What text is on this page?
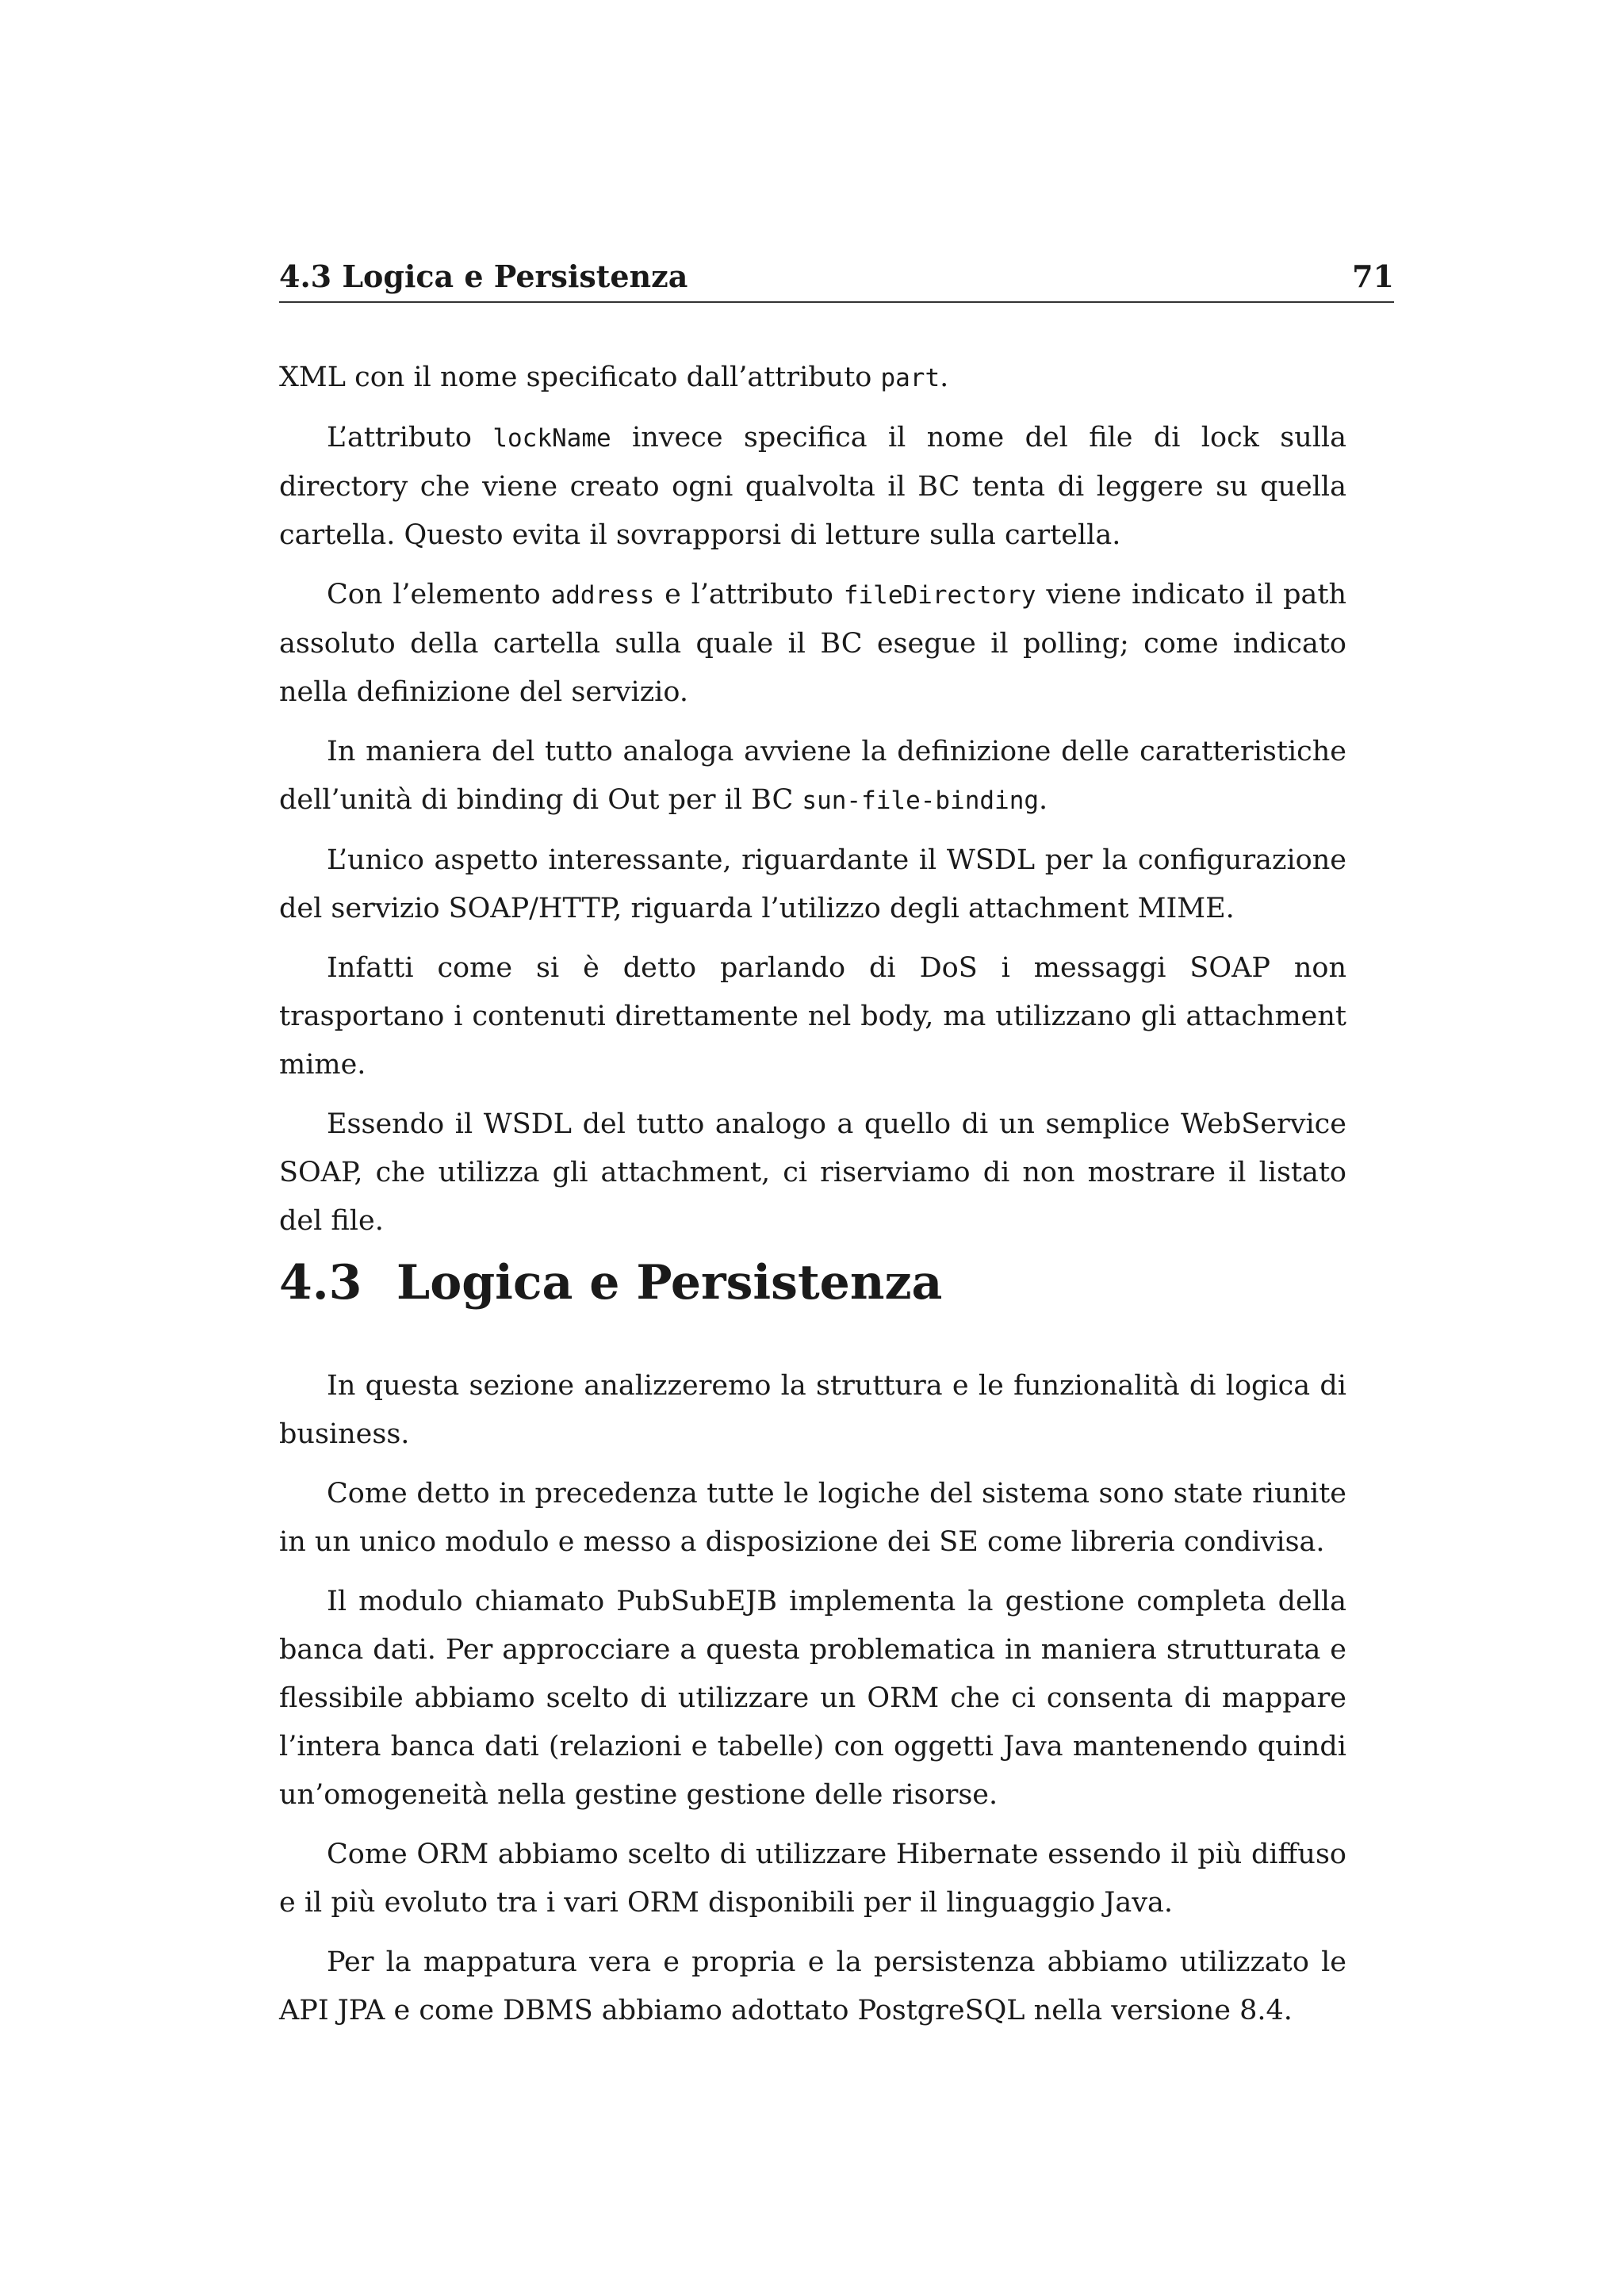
4.3 Logica e Persistenza	71

XML con il nome specificato dall’attributo part.

L’attributo lockName invece specifica il nome del file di lock sulla directory che viene creato ogni qualvolta il BC tenta di leggere su quella cartella. Questo evita il sovrapporsi di letture sulla cartella.

Con l’elemento address e l’attributo fileDirectory viene indicato il path assoluto della cartella sulla quale il BC esegue il polling; come indicato nella definizione del servizio.

In maniera del tutto analoga avviene la definizione delle caratteristiche dell’unità di binding di Out per il BC sun-file-binding.

L’unico aspetto interessante, riguardante il WSDL per la configurazione del servizio SOAP/HTTP, riguarda l’utilizzo degli attachment MIME.

Infatti come si è detto parlando di DoS i messaggi SOAP non trasportano i contenuti direttamente nel body, ma utilizzano gli attachment mime.

Essendo il WSDL del tutto analogo a quello di un semplice WebService SOAP, che utilizza gli attachment, ci riserviamo di non mostrare il listato del file.

4.3 Logica e Persistenza

In questa sezione analizzeremo la struttura e le funzionalità di logica di business.

Come detto in precedenza tutte le logiche del sistema sono state riunite in un unico modulo e messo a disposizione dei SE come libreria condivisa.

Il modulo chiamato PubSubEJB implementa la gestione completa della banca dati. Per approcciare a questa problematica in maniera strutturata e flessibile abbiamo scelto di utilizzare un ORM che ci consenta di mappare l’intera banca dati (relazioni e tabelle) con oggetti Java mantenendo quindi un’omogeneità nella gestine gestione delle risorse.

Come ORM abbiamo scelto di utilizzare Hibernate essendo il più diffuso e il più evoluto tra i vari ORM disponibili per il linguaggio Java.

Per la mappatura vera e propria e la persistenza abbiamo utilizzato le API JPA e come DBMS abbiamo adottato PostgreSQL nella versione 8.4.
